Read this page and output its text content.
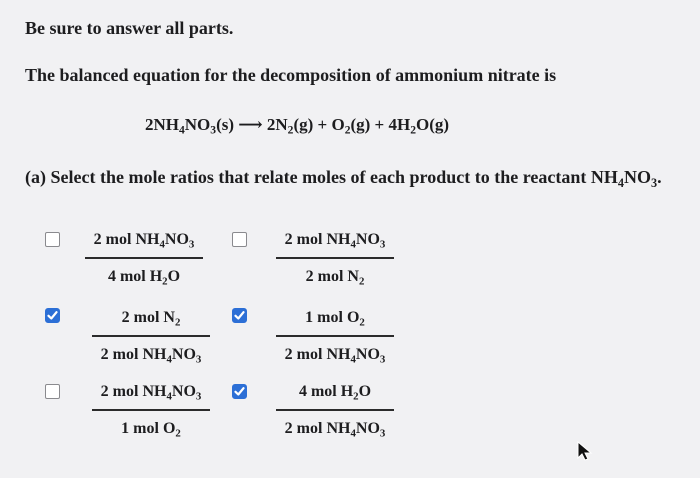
Be sure to answer all parts.
The balanced equation for the decomposition of ammonium nitrate is
$2NH_4NO_3(s)$ ⟶ $2N_2(g) + O_2(g) + 4H_2O(g)$
(a) Select the mole ratios that relate moles of each product to the reactant $NH_4NO_3$.
2 mol $NH_4NO_3$
4 mol $H_2O$
2 mol $NH_4NO_3$
2 mol $N_2$
2 mol $N_2$
2 mol $NH_4NO_3$
1 mol $O_2$
2 mol $NH_4NO_3$
2 mol $NH_4NO_3$
1 mol $O_2$
4 mol $H_2O$
2 mol $NH_4NO_3$
